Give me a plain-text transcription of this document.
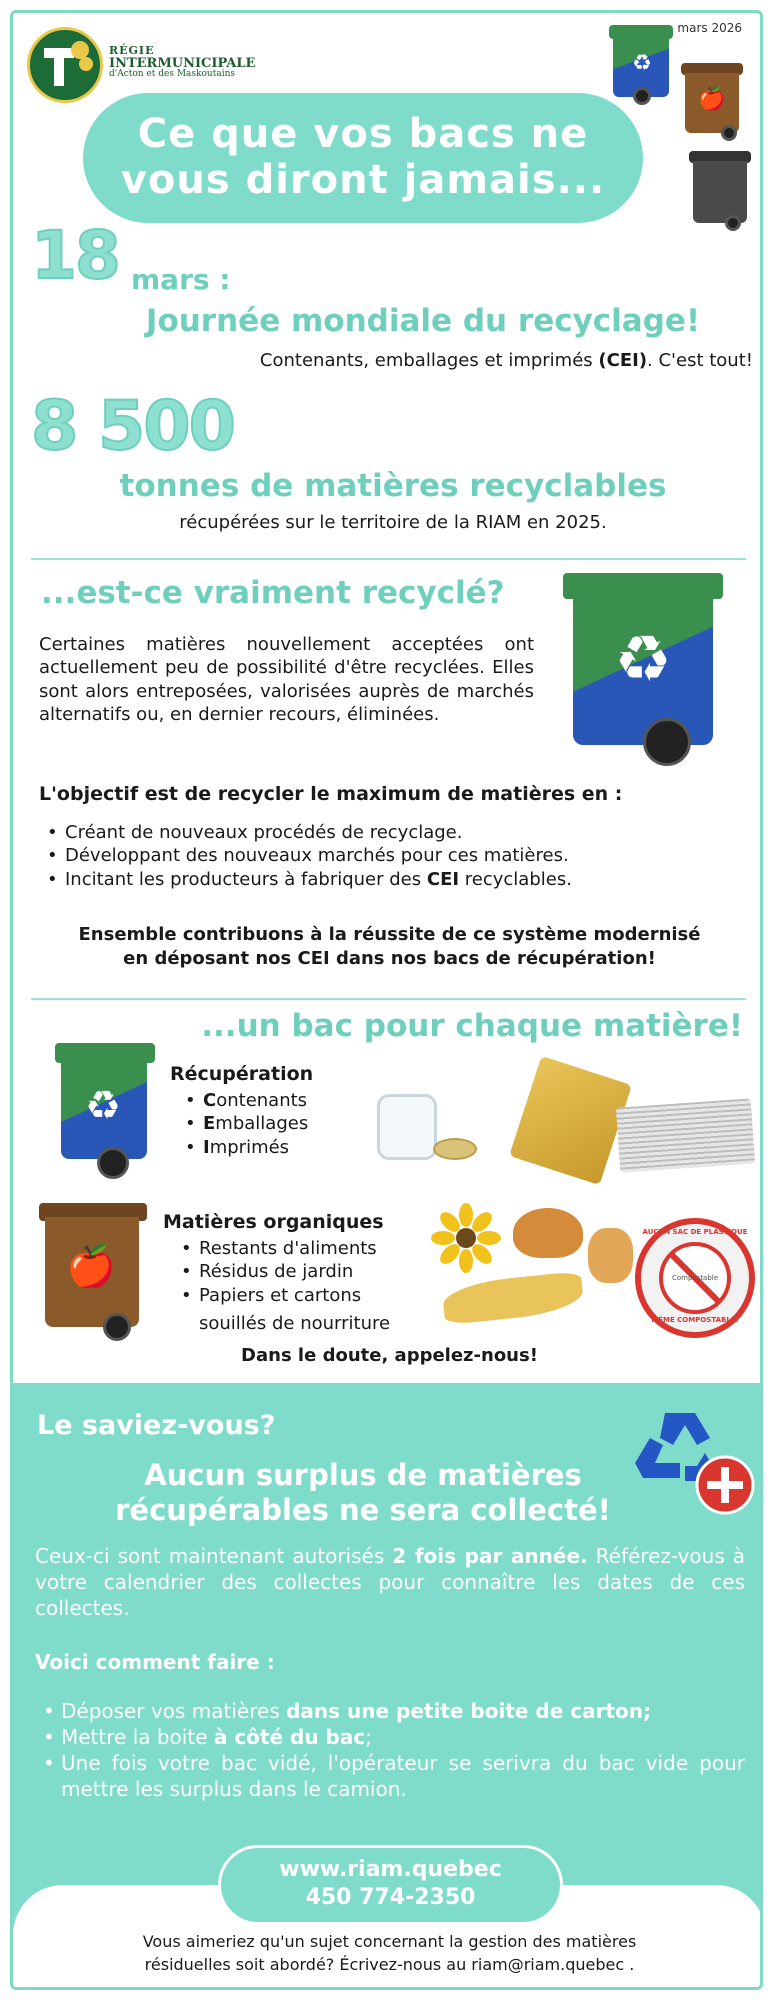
RÉGIE
INTERMUNICIPALE
d'Acton et des Maskoutains
mars 2026
♻
🍎
Ce que vos bacs ne
vous diront jamais...
18 mars :
Journée mondiale du recyclage!
Contenants, emballages et imprimés (CEI). C'est tout!
8 500
tonnes de matières recyclables
récupérées sur le territoire de la RIAM en 2025.
...est-ce vraiment recyclé?
Certaines matières nouvellement acceptées ont actuellement peu de possibilité d'être recyclées. Elles sont alors entreposées, valorisées auprès de marchés alternatifs ou, en dernier recours, éliminées.
♻
L'objectif est de recycler le maximum de matières en :
• Créant de nouveaux procédés de recyclage.
• Développant des nouveaux marchés pour ces matières.
• Incitant les producteurs à fabriquer des CEI recyclables.
Ensemble contribuons à la réussite de ce système modernisé
en déposant nos CEI dans nos bacs de récupération!
...un bac pour chaque matière!
♻
Récupération
• Contenants
• Emballages
• Imprimés
🍎
Matières organiques
• Restants d'aliments
• Résidus de jardin
• Papiers et cartons
souillés de nourriture
AUCUN SAC DE PLASTIQUE
Compostable
MÊME COMPOSTABLE!
Dans le doute, appelez-nous!
Le saviez-vous?
Aucun surplus de matières
récupérables ne sera collecté!
Ceux-ci sont maintenant autorisés 2 fois par année. Référez-vous à votre calendrier des collectes pour connaître les dates de ces collectes.
Voici comment faire :
• Déposer vos matières dans une petite boite de carton;
• Mettre la boite à côté du bac;
• Une fois votre bac vidé, l'opérateur se serivra du bac vide pour mettre les surplus dans le camion.
www.riam.quebec
450 774-2350
Vous aimeriez qu'un sujet concernant la gestion des matières
résiduelles soit abordé? Écrivez-nous au riam@riam.quebec .
